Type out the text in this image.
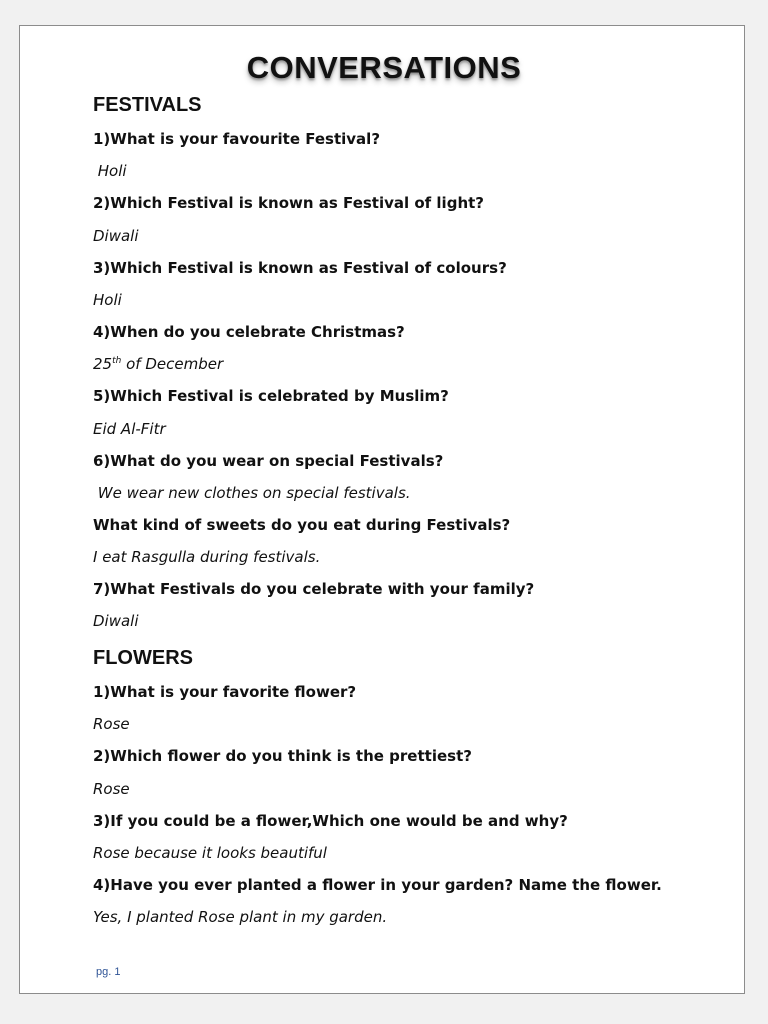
CONVERSATIONS
FESTIVALS
1)What is your favourite Festival?
Holi
2)Which Festival is known as Festival of light?
Diwali
3)Which Festival is known as Festival of colours?
Holi
4)When do you celebrate Christmas?
25th of December
5)Which Festival is celebrated by Muslim?
Eid Al-Fitr
6)What do you wear on special Festivals?
We wear new clothes on special festivals.
What kind of sweets do you eat during Festivals?
I eat Rasgulla during festivals.
7)What Festivals do you celebrate with your family?
Diwali
FLOWERS
1)What is your favorite flower?
Rose
2)Which flower do you think is the prettiest?
Rose
3)If you could be a flower,Which one would be and why?
Rose because it looks beautiful
4)Have you ever planted a flower in your garden? Name the flower.
Yes, I planted Rose plant in my garden.
pg. 1
